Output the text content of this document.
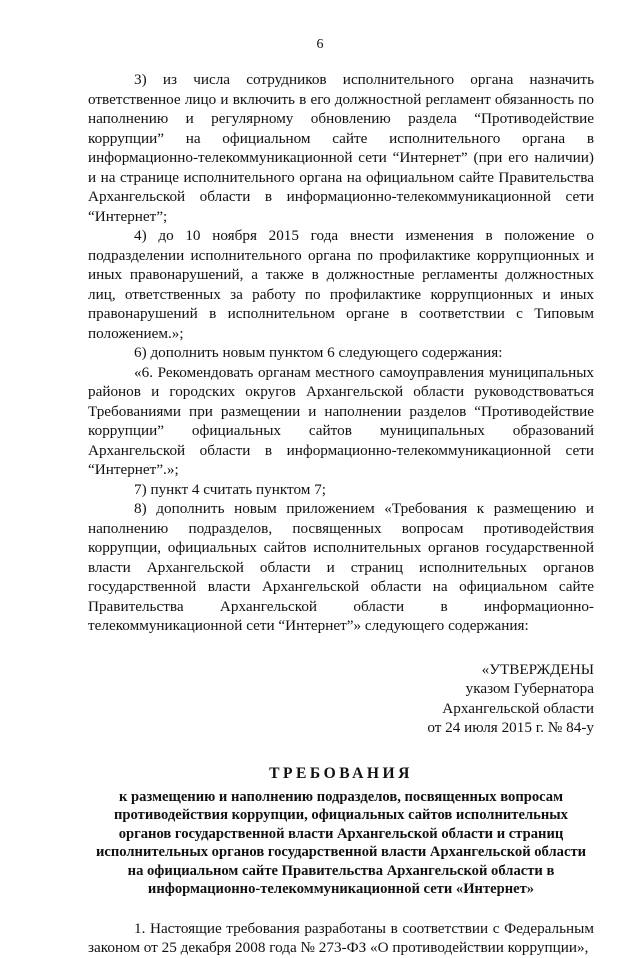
6

3) из числа сотрудников исполнительного органа назначить ответственное лицо и включить в его должностной регламент обязанность по наполнению и регулярному обновлению раздела “Противодействие коррупции” на официальном сайте исполнительного органа в информационно-телекоммуникационной сети “Интернет” (при его наличии) и на странице исполнительного органа на официальном сайте Правительства Архангельской области в информационно-телекоммуникационной сети “Интернет”;

4) до 10 ноября 2015 года внести изменения в положение о подразделении исполнительного органа по профилактике коррупционных и иных правонарушений, а также в должностные регламенты должностных лиц, ответственных за работу по профилактике коррупционных и иных правонарушений в исполнительном органе в соответствии с Типовым положением.»;

6) дополнить новым пунктом 6 следующего содержания:

«6. Рекомендовать органам местного самоуправления муниципальных районов и городских округов Архангельской области руководствоваться Требованиями при размещении и наполнении разделов “Противодействие коррупции” официальных сайтов муниципальных образований Архангельской области в информационно-телекоммуникационной сети “Интернет”.»;

7) пункт 4 считать пунктом 7;

8) дополнить новым приложением «Требования к размещению и наполнению подразделов, посвященных вопросам противодействия коррупции, официальных сайтов исполнительных органов государственной власти Архангельской области и страниц исполнительных органов государственной власти Архангельской области на официальном сайте Правительства Архангельской области в информационно-телекоммуникационной сети “Интернет”» следующего содержания:

«УТВЕРЖДЕНЫ
указом Губернатора
Архангельской области
от 24 июля 2015 г. № 84-у
ТРЕБОВАНИЯ
к размещению и наполнению подразделов, посвященных вопросам противодействия коррупции, официальных сайтов исполнительных органов государственной власти Архангельской области и страниц исполнительных органов государственной власти Архангельской области на официальном сайте Правительства Архангельской области в информационно-телекоммуникационной сети «Интернет»

1. Настоящие требования разработаны в соответствии с Федеральным законом от 25 декабря 2008 года № 273-ФЗ «О противодействии коррупции»,
